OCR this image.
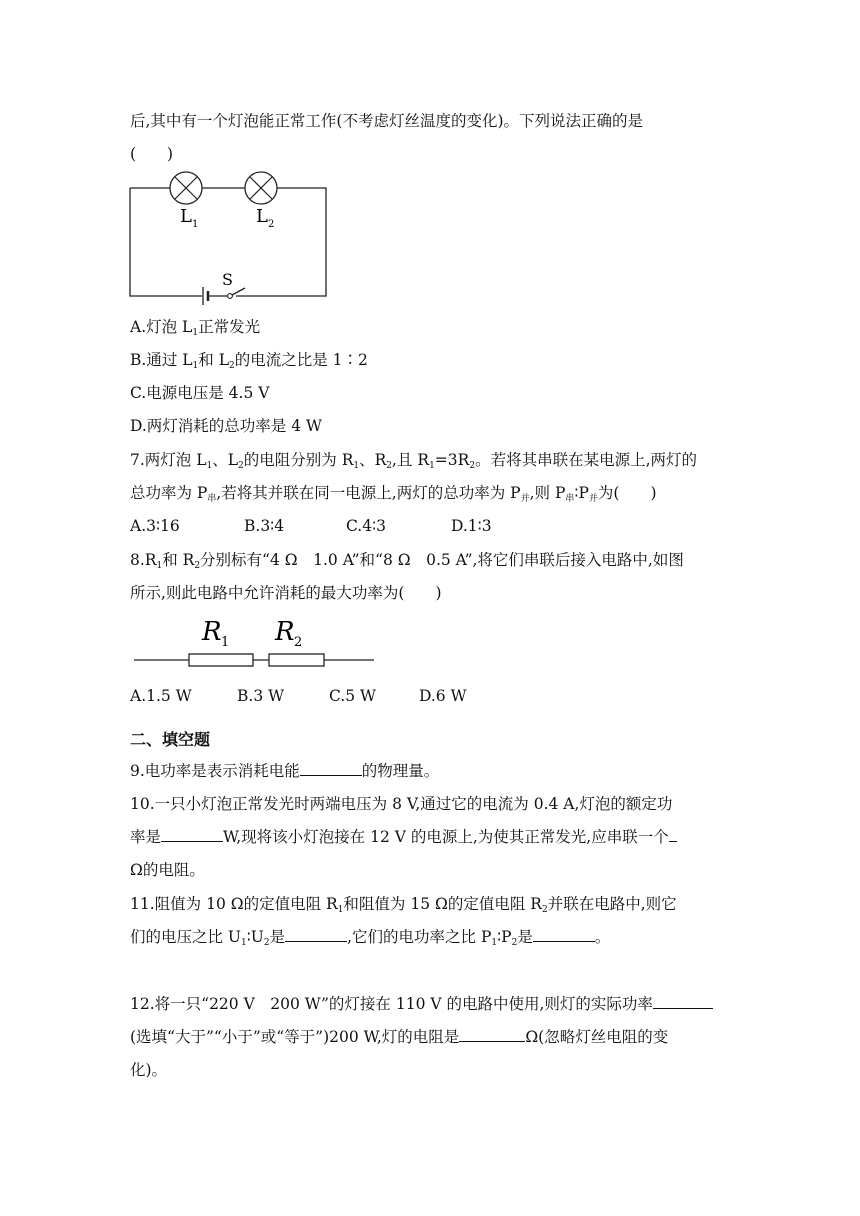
后,其中有一个灯泡能正常工作(不考虑灯丝温度的变化)。下列说法正确的是
(　　)
L 1	L 2
S
A.灯泡 L1正常发光
B.通过 L1和 L2的电流之比是 1∶2
C.电源电压是 4.5 V
D.两灯消耗的总功率是 4 W
7.两灯泡 L1、L2的电阻分别为 R1、R2,且 R1=3R2。若将其串联在某电源上,两灯的
总功率为 P串,若将其并联在同一电源上,两灯的总功率为 P并,则 P串∶P并为(　　)
A.3∶16	B.3∶4	C.4∶3	D.1∶3
8.R1和 R2分别标有“4 Ω　1.0 A”和“8 Ω　0.5 A”,将它们串联后接入电路中,如图
所示,则此电路中允许消耗的最大功率为(　　)
R 1 R 2
A.1.5 W	B.3 W	C.5 W	D.6 W
二、填空题
9.电功率是表示消耗电能	的物理量。
10.一只小灯泡正常发光时两端电压为 8 V,通过它的电流为 0.4 A,灯泡的额定功
率是	W,现将该小灯泡接在 12 V 的电源上,为使其正常发光,应串联一个
Ω的电阻。
11.阻值为 10 Ω的定值电阻 R1和阻值为 15 Ω的定值电阻 R2并联在电路中,则它
们的电压之比 U1∶U2是	,它们的电功率之比 P1∶P2是	。
12.将一只“220 V　200 W”的灯接在 110 V 的电路中使用,则灯的实际功率
(选填“大于”“小于”或“等于”)200 W,灯的电阻是	Ω(忽略灯丝电阻的变
化)。
